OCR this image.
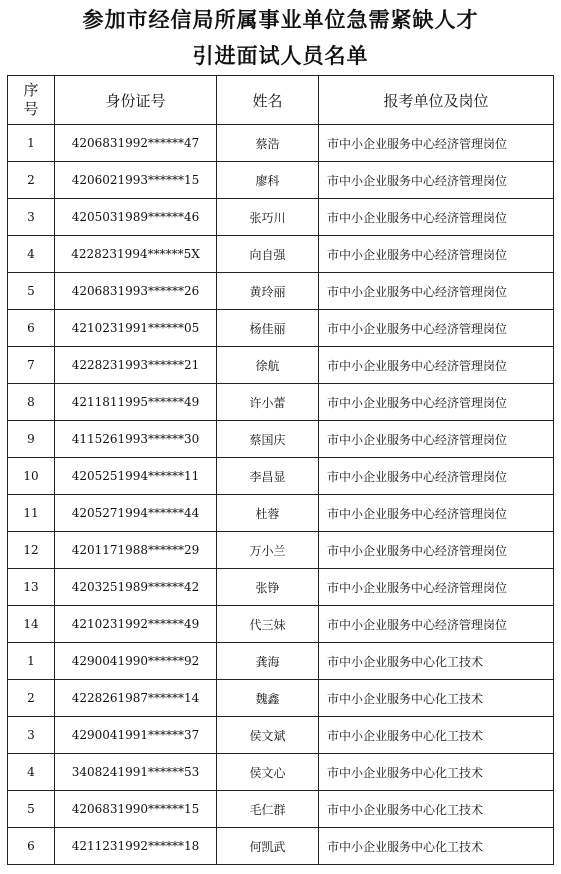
参加市经信局所属事业单位急需紧缺人才
引进面试人员名单
序号	身份证号	姓名	报考单位及岗位
1	4206831992******47	蔡浩	市中小企业服务中心经济管理岗位
2	4206021993******15	廖科	市中小企业服务中心经济管理岗位
3	4205031989******46	张巧川	市中小企业服务中心经济管理岗位
4	4228231994******5X	向自强	市中小企业服务中心经济管理岗位
5	4206831993******26	黄玲丽	市中小企业服务中心经济管理岗位
6	4210231991******05	杨佳丽	市中小企业服务中心经济管理岗位
7	4228231993******21	徐航	市中小企业服务中心经济管理岗位
8	4211811995******49	许小蕾	市中小企业服务中心经济管理岗位
9	4115261993******30	蔡国庆	市中小企业服务中心经济管理岗位
10	4205251994******11	李昌显	市中小企业服务中心经济管理岗位
11	4205271994******44	杜蓉	市中小企业服务中心经济管理岗位
12	4201171988******29	万小兰	市中小企业服务中心经济管理岗位
13	4203251989******42	张铮	市中小企业服务中心经济管理岗位
14	4210231992******49	代三妹	市中小企业服务中心经济管理岗位
1	4290041990******92	龚海	市中小企业服务中心化工技术
2	4228261987******14	魏鑫	市中小企业服务中心化工技术
3	4290041991******37	侯文斌	市中小企业服务中心化工技术
4	3408241991******53	侯文心	市中小企业服务中心化工技术
5	4206831990******15	毛仁群	市中小企业服务中心化工技术
6	4211231992******18	何凯武	市中小企业服务中心化工技术
